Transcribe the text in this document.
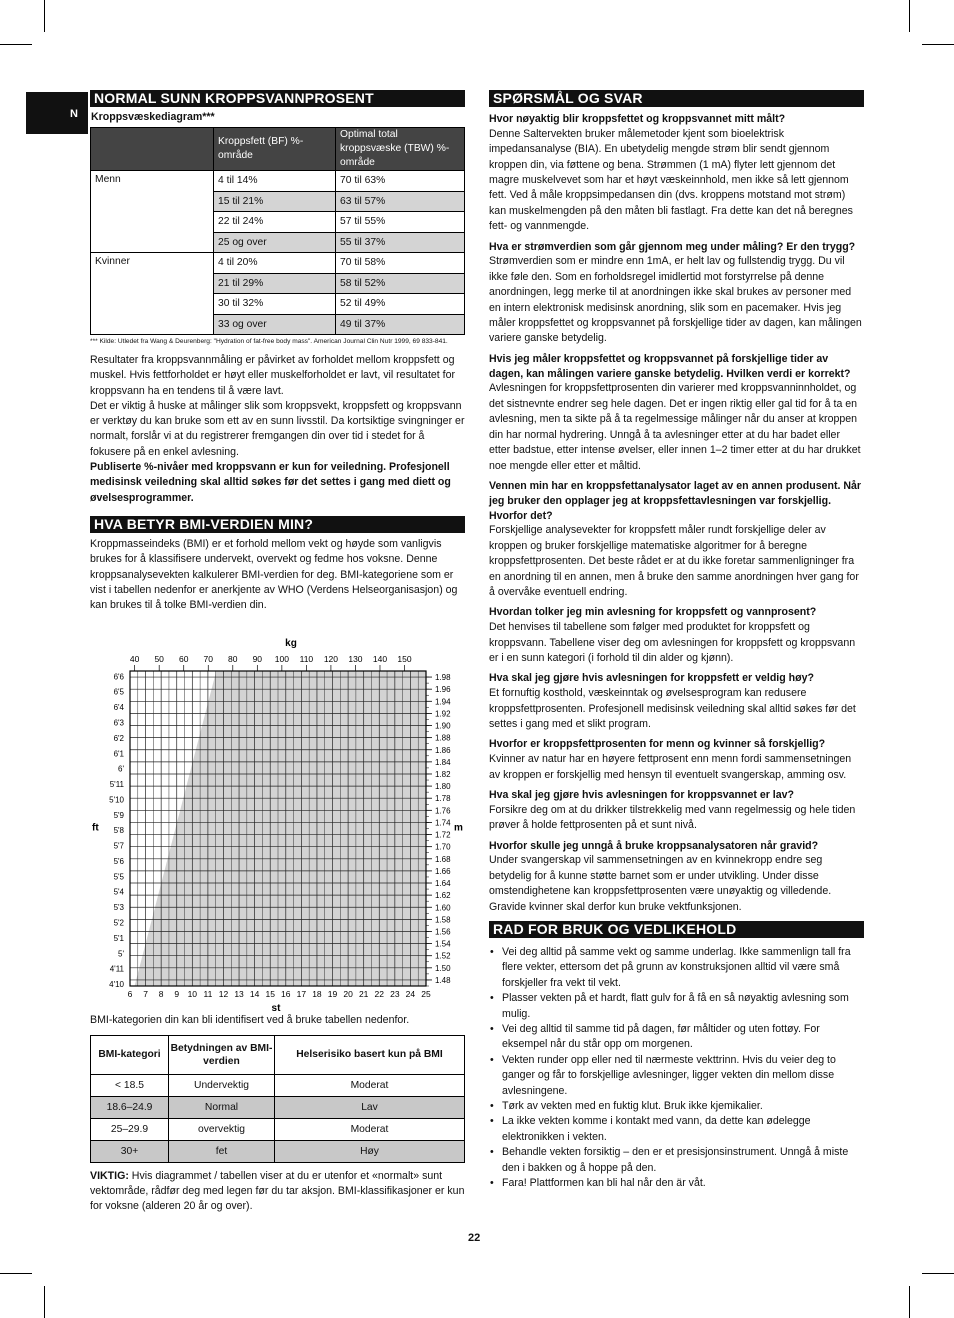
N
NORMAL SUNN KROPPSVANNPROSENT
Kroppsvæskediagram***
	Kroppsfett (BF) %-område	Optimal total kroppsvæske (TBW) %-område
Menn	4 til 14%	70 til 63%
	15 til 21%	63 til 57%
	22 til 24%	57 til 55%
	25 og over	55 til 37%
Kvinner	4 til 20%	70 til 58%
	21 til 29%	58 til 52%
	30 til 32%	52 til 49%
	33 og over	49 til 37%
*** Kilde: Utledet fra Wang & Deurenberg: "Hydration of fat-free body mass". American Journal Clin Nutr 1999, 69 833-841.

Resultater fra kroppsvannmåling er påvirket av forholdet mellom kroppsfett og muskel. Hvis fettforholdet er høyt eller muskelforholdet er lavt, vil resultatet for kroppsvann ha en tendens til å være lavt.

Det er viktig å huske at målinger slik som kroppsvekt, kroppsfett og kroppsvann er verktøy du kan bruke som ett av en sunn livsstil. Da kortsiktige svingninger er normalt, forslår vi at du registrerer fremgangen din over tid i stedet for å fokusere på en enkel avlesning.

Publiserte %-nivåer med kroppsvann er kun for veiledning. Profesjonell medisinsk veiledning skal alltid søkes før det settes i gang med diett og øvelsesprogrammer.

HVA BETYR BMI-VERDIEN MIN?

Kroppmasseindeks (BMI) er et forhold mellom vekt og høyde som vanligvis brukes for å klassifisere undervekt, overvekt og fedme hos voksne. Denne kroppsanalysevekten kalkulerer BMI-verdien for deg. BMI-kategoriene som er vist i tabellen nedenfor er anerkjente av WHO (Verdens Helseorganisasjon) og kan brukes til å tolke BMI-verdien din.

6 7 8 9 10 11 12 13 14 15 16 17 18 19 20 21 22 23 24 25
st
40 50 60 70 80 90 100 110 120 130 140 150
kg
1.98
1.96
1.94
1.92
1.90
1.88
1.86
1.84
1.82
1.80
1.78
1.76
1.74
1.72
1.70
1.68
1.66
1.64
1.62
1.60
1.58
1.56
1.54
1.52
1.50
1.48
m
6'6
6'5
6'4
6'3
6'2
6'1
6'
5'11
5'10
5'9
5'8
5'7
5'6
5'5
5'4
5'3
5'2
5'1
5'
4'11
4'10
ft

BMI-kategorien din kan bli identifisert ved å bruke tabellen nedenfor.

BMI-kategori	Betydningen av BMI-verdien	Helserisiko basert kun på BMI
< 18.5	Undervektig	Moderat
18.6–24.9	Normal	Lav
25–29.9	overvektig	Moderat
30+	fet	Høy

VIKTIG: Hvis diagrammet / tabellen viser at du er utenfor et «normalt» sunt vektområde, rådfør deg med legen før du tar aksjon. BMI-klassifikasjoner er kun for voksne (alderen 20 år og over).

SPØRSMÅL OG SVAR
Hvor nøyaktig blir kroppsfettet og kroppsvannet mitt målt?
Denne Saltervekten bruker målemetoder kjent som bioelektrisk impedansanalyse (BIA). En ubetydelig mengde strøm blir sendt gjennom kroppen din, via føttene og bena. Strømmen (1 mA) flyter lett gjennom det magre muskelvevet som har et høyt væskeinnhold, men ikke så lett gjennom fett. Ved å måle kroppsimpedansen din (dvs. kroppens motstand mot strøm) kan muskelmengden på den måten bli fastlagt. Fra dette kan det nå beregnes fett- og vannmengde.
Hva er strømverdien som går gjennom meg under måling? Er den trygg?
Strømverdien som er mindre enn 1mA, er helt lav og fullstendig trygg. Du vil ikke føle den. Som en forholdsregel imidlertid mot forstyrrelse på denne anordningen, legg merke til at anordningen ikke skal brukes av personer med en intern elektronisk medisinsk anordning, slik som en pacemaker. Hvis jeg måler kroppsfettet og kroppsvannet på forskjellige tider av dagen, kan målingen variere ganske betydelig.
Hvis jeg måler kroppsfettet og kroppsvannet på forskjellige tider av dagen, kan målingen variere ganske betydelig. Hvilken verdi er korrekt?
Avlesningen for kroppsfettprosenten din varierer med kroppsvanninnholdet, og det sistnevnte endrer seg hele dagen. Det er ingen riktig eller gal tid for å ta en avlesning, men ta sikte på å ta regelmessige målinger når du anser at kroppen din har normal hydrering. Unngå å ta avlesninger etter at du har badet eller etter badstue, etter intense øvelser, eller innen 1–2 timer etter at du har drukket noe mengde eller etter et måltid.
Vennen min har en kroppsfettanalysator laget av en annen produsent. Når jeg bruker den opplager jeg at kroppsfettavlesningen var forskjellig. Hvorfor det?
Forskjellige analysevekter for kroppsfett måler rundt forskjellige deler av kroppen og bruker forskjellige matematiske algoritmer for å beregne kroppsfettprosenten. Det beste rådet er at du ikke foretar sammenligninger fra en anordning til en annen, men å bruke den samme anordningen hver gang for å overvåke eventuell endring.
Hvordan tolker jeg min avlesning for kroppsfett og vannprosent?
Det henvises til tabellene som følger med produktet for kroppsfett og kroppsvann. Tabellene viser deg om avlesningen for kroppsfett og kroppsvann er i en sunn kategori (i forhold til din alder og kjønn).
Hva skal jeg gjøre hvis avlesningen for kroppsfett er veldig høy?
Et fornuftig kosthold, væskeinntak og øvelsesprogram kan redusere kroppsfettprosenten. Profesjonell medisinsk veiledning skal alltid søkes før det settes i gang med et slikt program.
Hvorfor er kroppsfettprosenten for menn og kvinner så forskjellig?
Kvinner av natur har en høyere fettprosent enn menn fordi sammensetningen av kroppen er forskjellig med hensyn til eventuelt svangerskap, amming osv.
Hva skal jeg gjøre hvis avlesningen for kroppsvannet er lav?
Forsikre deg om at du drikker tilstrekkelig med vann regelmessig og hele tiden prøver å holde fettprosenten på et sunt nivå.
Hvorfor skulle jeg unngå å bruke kroppsanalysatoren når gravid?
Under svangerskap vil sammensetningen av en kvinnekropp endre seg betydelig for å kunne støtte barnet som er under utvikling. Under disse omstendighetene kan kroppsfettprosenten være unøyaktig og villedende. Gravide kvinner skal derfor kun bruke vektfunksjonen.
RAD FOR BRUK OG VEDLIKEHOLD
• Vei deg alltid på samme vekt og samme underlag. Ikke sammenlign tall fra flere vekter, ettersom det på grunn av konstruksjonen alltid vil være små forskjeller fra vekt til vekt.
• Plasser vekten på et hardt, flatt gulv for å få en så nøyaktig avlesning som mulig.
• Vei deg alltid til samme tid på dagen, før måltider og uten fottøy. For eksempel når du står opp om morgenen.
• Vekten runder opp eller ned til nærmeste vekttrinn. Hvis du veier deg to ganger og får to forskjellige avlesninger, ligger vekten din mellom disse avlesningene.
• Tørk av vekten med en fuktig klut. Bruk ikke kjemikalier.
• La ikke vekten komme i kontakt med vann, da dette kan ødelegge elektronikken i vekten.
• Behandle vekten forsiktig – den er et presisjonsinstrument. Unngå å miste den i bakken og å hoppe på den.
• Fara! Plattformen kan bli hal når den är våt.
22
